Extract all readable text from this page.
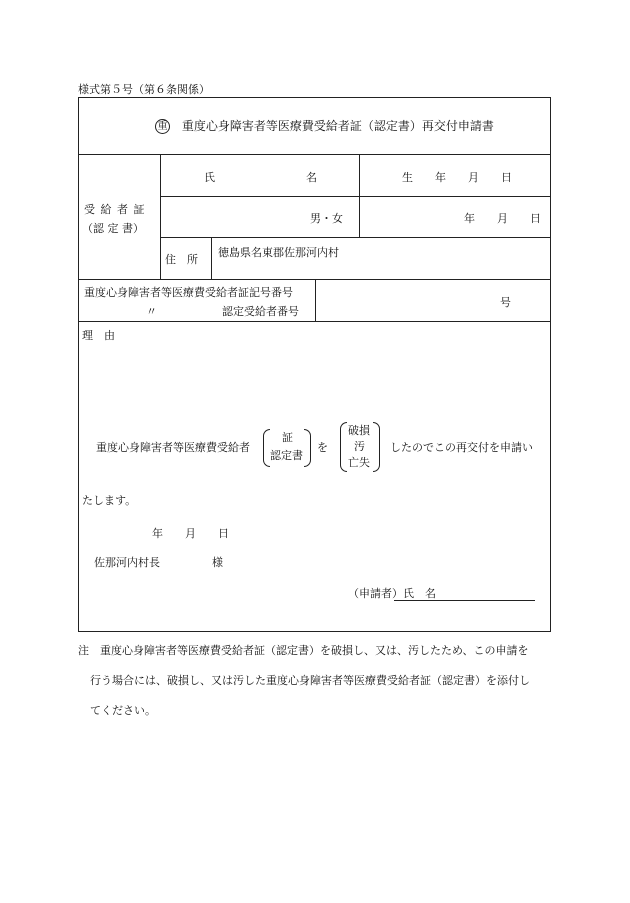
様式第５号（第６条関係）
重 重度心身障害者等医療費受給者証（認定書）再交付申請書
受 給 者 証
（認 定 書）
氏	名	生　　年　　月　　日
男・女	年　　月　　日
住　所
徳島県名東郡佐那河内村
重度心身障害者等医療費受給者証記号番号
〃	認定受給者番号
号
理　由
重度心身障害者等医療費受給者
証
認定書
を
破損
汚
亡失
したのでこの再交付を申請い
たします。
年　　月　　日
佐那河内村長	様
（申請者）氏　名
注　重度心身障害者等医療費受給者証（認定書）を破損し、又は、汚したため、この申請を
行う場合には、破損し、又は汚した重度心身障害者等医療費受給者証（認定書）を添付し
てください。
